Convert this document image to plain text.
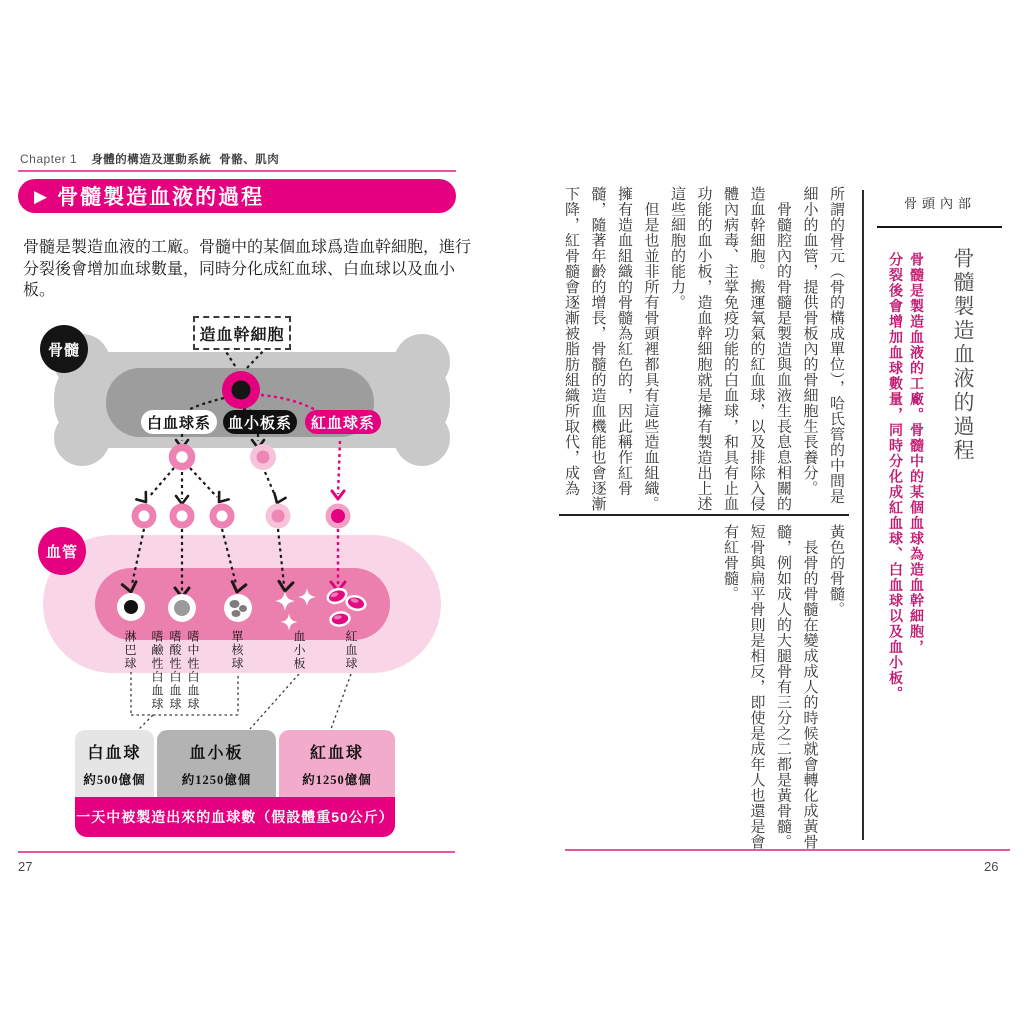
Chapter 1 身體的構造及運動系統 骨骼、肌肉
▶ 骨髓製造血液的過程

骨髓是製造血液的工廠。骨髓中的某個血球爲造血幹細胞，進行分裂後會增加血球數量，同時分化成紅血球、白血球以及血小板。

骨髓
血管
造血幹細胞
白血球系	血小板系	紅血球系
淋巴球 嗜鹼性白血球 嗜酸性白血球 嗜中性白血球	單核球	血小板	紅血球
白血球
約500億個
血小板
約1250億個
紅血球
約1250億個
一天中被製造出來的血球數（假設體重50公斤）
27
骨頭內部
骨髓製造血液的過程
骨髓是製造血液的工廠。骨髓中的某個血球為造血幹細胞，
分裂後會增加血球數量，同時分化成紅血球、白血球以及血小板。

所謂的骨元（骨的構成單位），哈氏管的中間是細小的血管，提供骨板內的骨細胞生長養分。

　骨髓腔內的骨髓是製造與血液生長息息相關的造血幹細胞。搬運氧氣的紅血球，以及排除入侵體內病毒、主掌免疫功能的白血球，和具有止血功能的血小板，造血幹細胞就是擁有製造出上述這些細胞的能力。

　但是也並非所有骨頭裡都具有這些造血組織。擁有造血組織的骨髓為紅色的，因此稱作紅骨髓，隨著年齡的增長，骨髓的造血機能也會逐漸下降，紅骨髓會逐漸被脂肪組織所取代，成為

黃色的骨髓。

　長骨的骨髓在變成成人的時候就會轉化成黃骨髓，例如成人的大腿骨有三分之二都是黃骨髓。短骨與扁平骨則是相反，即使是成年人也還是會有紅骨髓。

26
